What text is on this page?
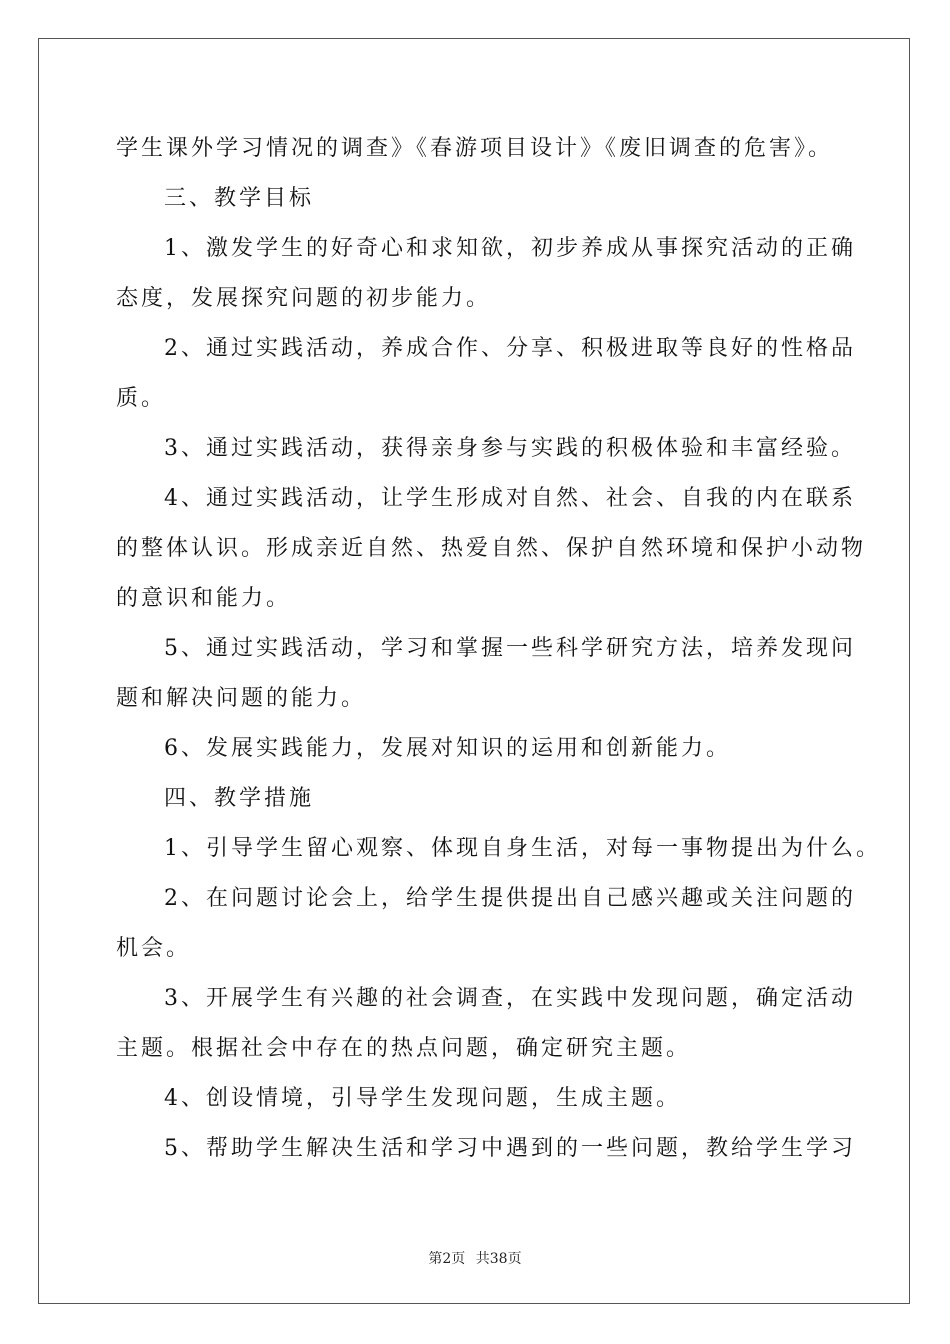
学生课外学习情况的调查》《春游项目设计》《废旧调查的危害》。
三、教学目标
1、激发学生的好奇心和求知欲，初步养成从事探究活动的正确
态度，发展探究问题的初步能力。
2、通过实践活动，养成合作、分享、积极进取等良好的性格品
质。
3、通过实践活动，获得亲身参与实践的积极体验和丰富经验。
4、通过实践活动，让学生形成对自然、社会、自我的内在联系
的整体认识。形成亲近自然、热爱自然、保护自然环境和保护小动物
的意识和能力。
5、通过实践活动，学习和掌握一些科学研究方法，培养发现问
题和解决问题的能力。
6、发展实践能力，发展对知识的运用和创新能力。
四、教学措施
1、引导学生留心观察、体现自身生活，对每一事物提出为什么。
2、在问题讨论会上，给学生提供提出自己感兴趣或关注问题的
机会。
3、开展学生有兴趣的社会调查，在实践中发现问题，确定活动
主题。根据社会中存在的热点问题，确定研究主题。
4、创设情境，引导学生发现问题，生成主题。
5、帮助学生解决生活和学习中遇到的一些问题，教给学生学习
第2页 共38页
